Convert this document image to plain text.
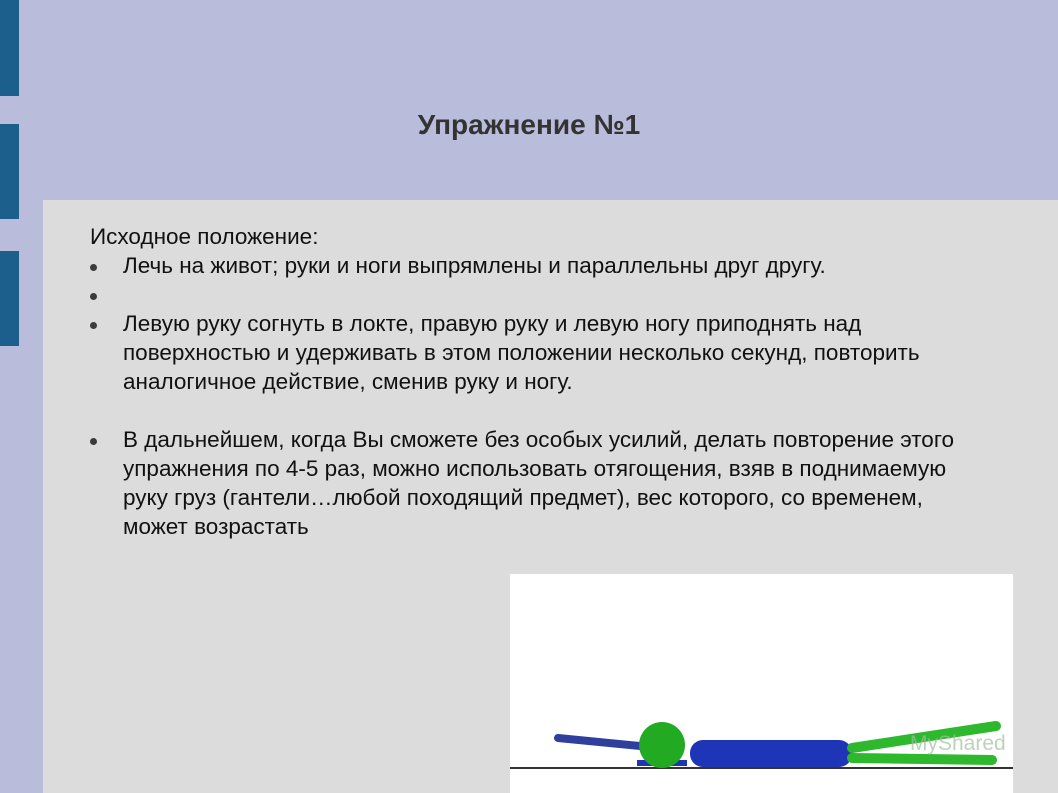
Упражнение №1

Исходное положение:

Лечь на живот; руки и ноги выпрямлены и параллельны друг другу.
Левую руку согнуть в локте, правую руку и левую ногу приподнять над поверхностью и удерживать в этом положении несколько секунд, повторить аналогичное действие, сменив руку и ногу.
В дальнейшем, когда Вы сможете без особых усилий, делать повторение этого упражнения по 4-5 раз, можно использовать отягощения, взяв в поднимаемую руку груз (гантели…любой походящий предмет), вес которого, со временем, может возрастать
MyShared
